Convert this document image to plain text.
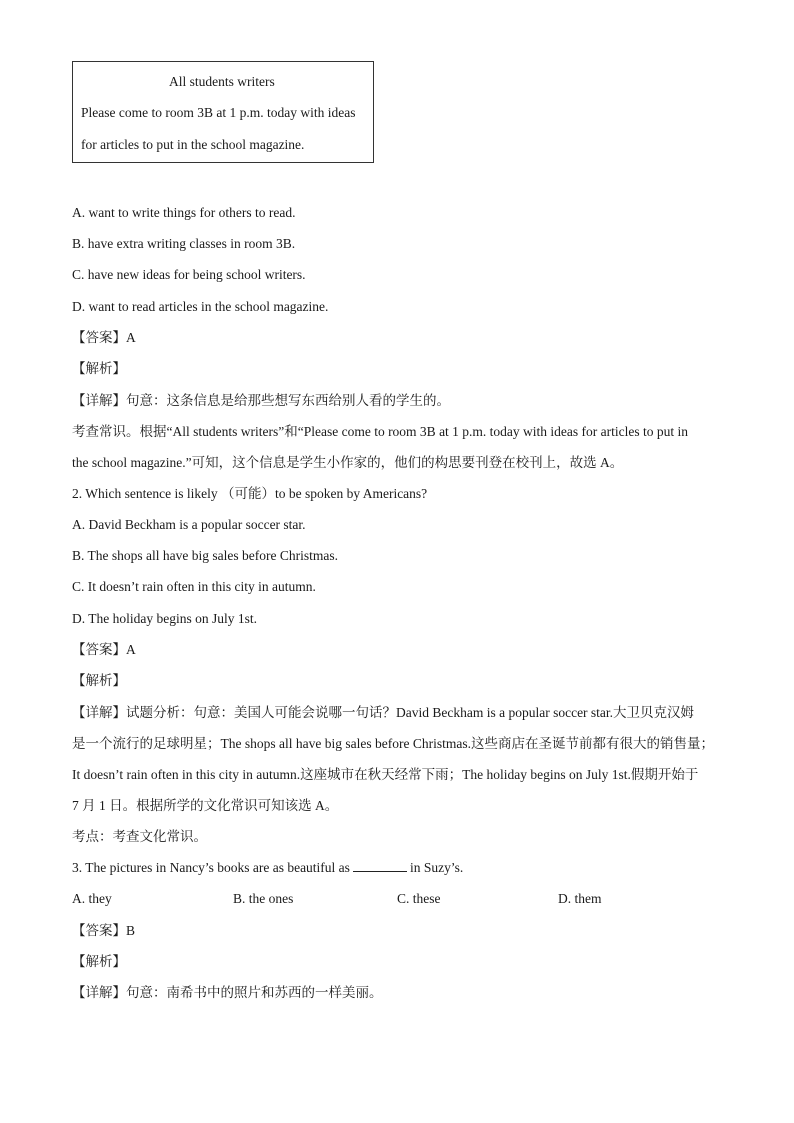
All students writers
Please come to room 3B at 1 p.m. today with ideas
for articles to put in the school magazine.
A. want to write things for others to read.
B. have extra writing classes in room 3B.
C. have new ideas for being school writers.
D. want to read articles in the school magazine.
【答案】A
【解析】
【详解】句意：这条信息是给那些想写东西给别人看的学生的。
考查常识。根据“All students writers”和“Please come to room 3B at 1 p.m. today with ideas for articles to put in
the school magazine.”可知，这个信息是学生小作家的，他们的构思要刊登在校刊上，故选 A。
2. Which sentence is likely （可能）to be spoken by Americans?
A. David Beckham is a popular soccer star.
B. The shops all have big sales before Christmas.
C. It doesn’t rain often in this city in autumn.
D. The holiday begins on July 1st.
【答案】A
【解析】
【详解】试题分析：句意：美国人可能会说哪一句话？David Beckham is a popular soccer star.大卫贝克汉姆
是一个流行的足球明星；The shops all have big sales before Christmas.这些商店在圣诞节前都有很大的销售量；
It doesn’t rain often in this city in autumn.这座城市在秋天经常下雨；The holiday begins on July 1st.假期开始于
7 月 1 日。根据所学的文化常识可知该选 A。
考点：考查文化常识。
3. The pictures in Nancy’s books are as beautiful as	in Suzy’s.
A. they	B. the ones	C. these	D. them
【答案】B
【解析】
【详解】句意：南希书中的照片和苏西的一样美丽。
